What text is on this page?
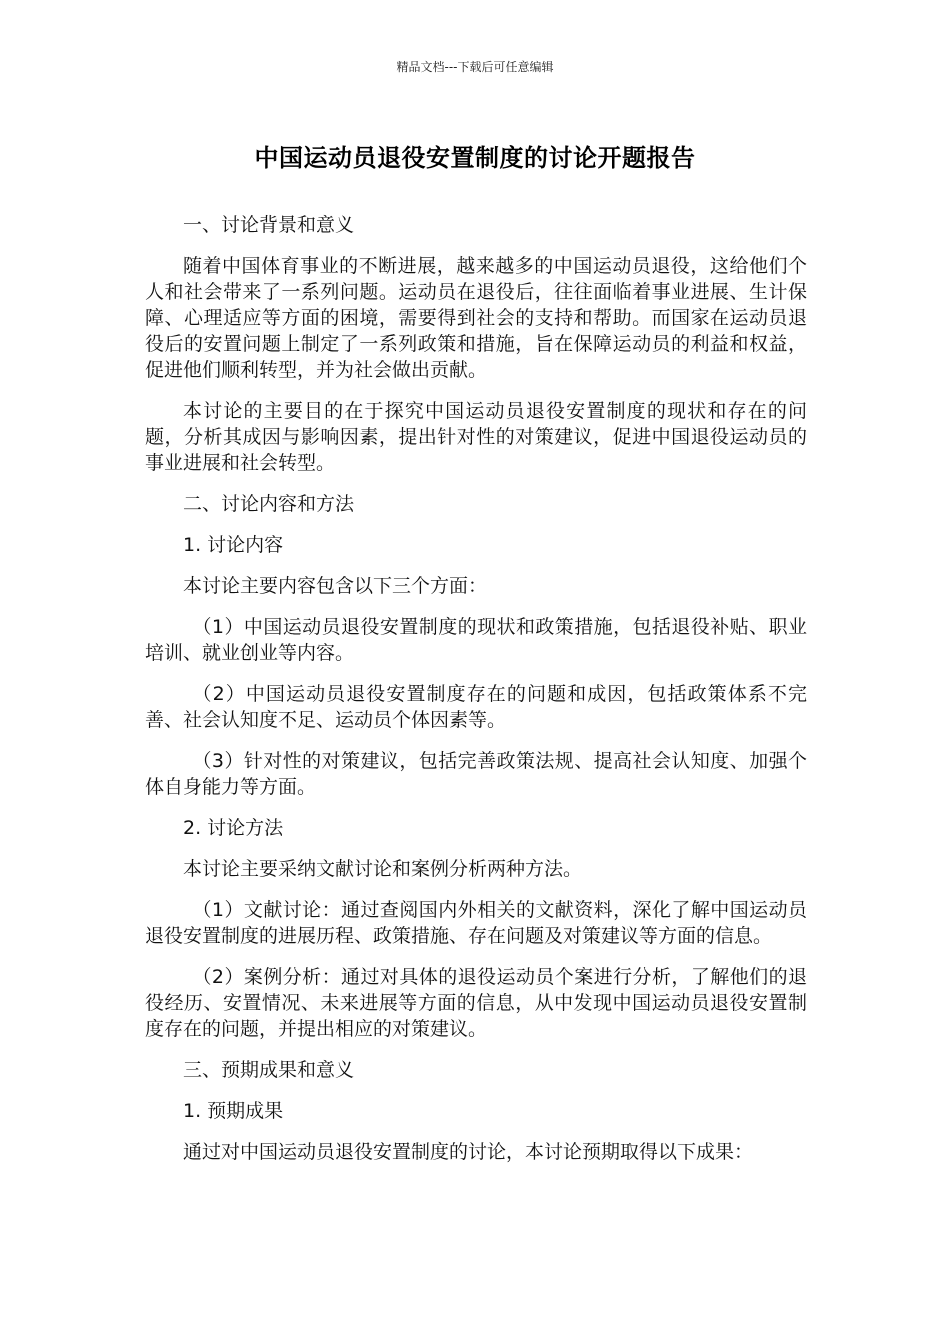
精品文档---下载后可任意编辑
中国运动员退役安置制度的讨论开题报告

一、讨论背景和意义

随着中国体育事业的不断进展，越来越多的中国运动员退役，这给他们个人和社会带来了一系列问题。运动员在退役后，往往面临着事业进展、生计保障、心理适应等方面的困境，需要得到社会的支持和帮助。而国家在运动员退役后的安置问题上制定了一系列政策和措施，旨在保障运动员的利益和权益，促进他们顺利转型，并为社会做出贡献。

本讨论的主要目的在于探究中国运动员退役安置制度的现状和存在的问题，分析其成因与影响因素，提出针对性的对策建议，促进中国退役运动员的事业进展和社会转型。

二、讨论内容和方法

1. 讨论内容

本讨论主要内容包含以下三个方面：

（1）中国运动员退役安置制度的现状和政策措施，包括退役补贴、职业培训、就业创业等内容。

（2）中国运动员退役安置制度存在的问题和成因，包括政策体系不完善、社会认知度不足、运动员个体因素等。

（3）针对性的对策建议，包括完善政策法规、提高社会认知度、加强个体自身能力等方面。

2. 讨论方法

本讨论主要采纳文献讨论和案例分析两种方法。

（1）文献讨论：通过查阅国内外相关的文献资料，深化了解中国运动员退役安置制度的进展历程、政策措施、存在问题及对策建议等方面的信息。

（2）案例分析：通过对具体的退役运动员个案进行分析，了解他们的退役经历、安置情况、未来进展等方面的信息，从中发现中国运动员退役安置制度存在的问题，并提出相应的对策建议。

三、预期成果和意义

1. 预期成果

通过对中国运动员退役安置制度的讨论，本讨论预期取得以下成果：
